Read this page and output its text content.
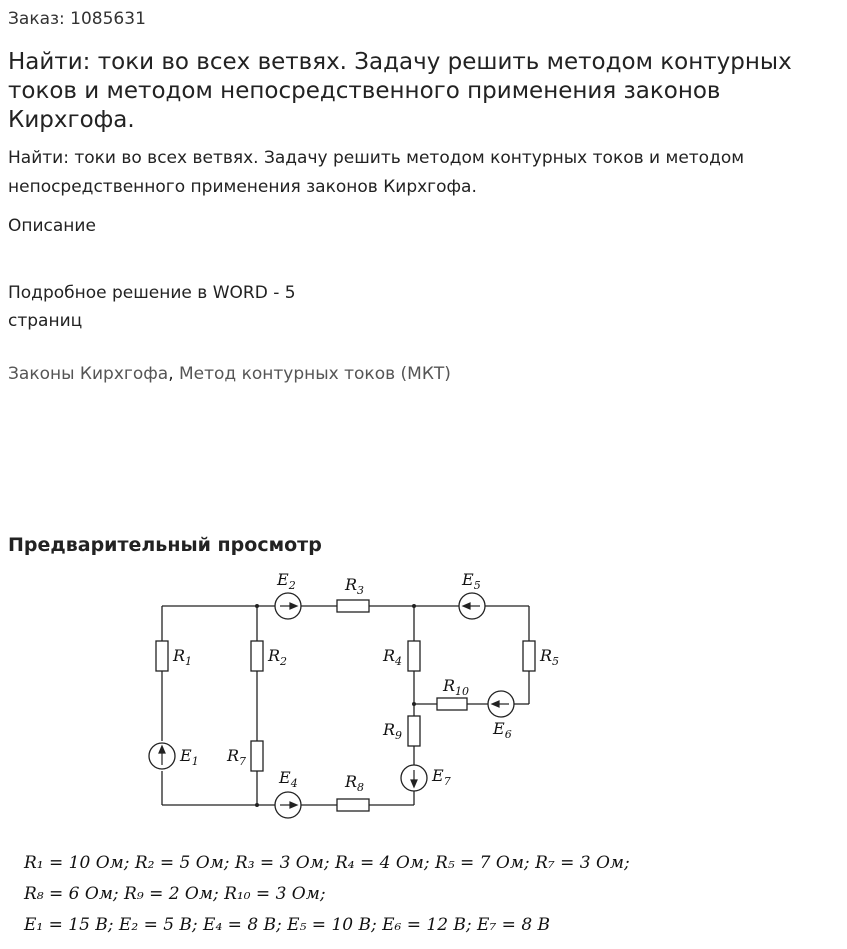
Заказ: 1085631
Найти: токи во всех ветвях. Задачу решить методом контурных токов и методом непосредственного применения законов Кирхгофа.
Найти: токи во всех ветвях. Задачу решить методом контурных токов и методом непосредственного применения законов Кирхгофа.
Описание
Подробное решение в WORD - 5 страниц
Законы Кирхгофа, Метод контурных токов (МКТ)
Предварительный просмотр
$E_2$	$R_3$
$E_5$
$R_1$	$R_2$	$R_4$	$R_5$
$R_{10}$
$E_6$
$R_9$
$E_1$ $R_7$
$E_7$
$E_4$	$R_8$
R₁ = 10 Ом; R₂ = 5 Ом; R₃ = 3 Ом; R₄ = 4 Ом; R₅ = 7 Ом; R₇ = 3 Ом;
R₈ = 6 Ом; R₉ = 2 Ом; R₁₀ = 3 Ом;
E₁ = 15 B; E₂ = 5 B; E₄ = 8 B; E₅ = 10 B; E₆ = 12 B; E₇ = 8 B
